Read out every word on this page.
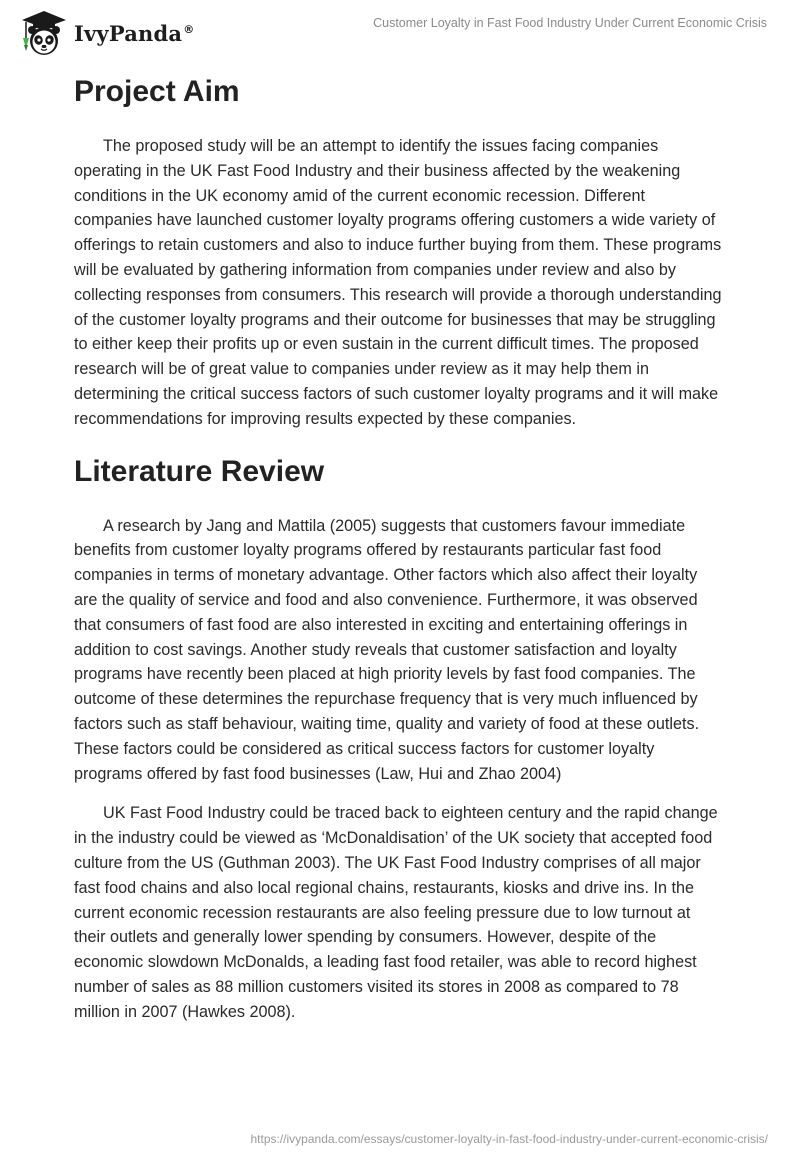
IvyPanda®	Customer Loyalty in Fast Food Industry Under Current Economic Crisis
Project Aim

The proposed study will be an attempt to identify the issues facing companies operating in the UK Fast Food Industry and their business affected by the weakening conditions in the UK economy amid of the current economic recession. Different companies have launched customer loyalty programs offering customers a wide variety of offerings to retain customers and also to induce further buying from them. These programs will be evaluated by gathering information from companies under review and also by collecting responses from consumers. This research will provide a thorough understanding of the customer loyalty programs and their outcome for businesses that may be struggling to either keep their profits up or even sustain in the current difficult times. The proposed research will be of great value to companies under review as it may help them in determining the critical success factors of such customer loyalty programs and it will make recommendations for improving results expected by these companies.

Literature Review

A research by Jang and Mattila (2005) suggests that customers favour immediate benefits from customer loyalty programs offered by restaurants particular fast food companies in terms of monetary advantage. Other factors which also affect their loyalty are the quality of service and food and also convenience. Furthermore, it was observed that consumers of fast food are also interested in exciting and entertaining offerings in addition to cost savings. Another study reveals that customer satisfaction and loyalty programs have recently been placed at high priority levels by fast food companies. The outcome of these determines the repurchase frequency that is very much influenced by factors such as staff behaviour, waiting time, quality and variety of food at these outlets. These factors could be considered as critical success factors for customer loyalty programs offered by fast food businesses (Law, Hui and Zhao 2004)

UK Fast Food Industry could be traced back to eighteen century and the rapid change in the industry could be viewed as ‘McDonaldisation’ of the UK society that accepted food culture from the US (Guthman 2003). The UK Fast Food Industry comprises of all major fast food chains and also local regional chains, restaurants, kiosks and drive ins. In the current economic recession restaurants are also feeling pressure due to low turnout at their outlets and generally lower spending by consumers. However, despite of the economic slowdown McDonalds, a leading fast food retailer, was able to record highest number of sales as 88 million customers visited its stores in 2008 as compared to 78 million in 2007 (Hawkes 2008).

https://ivypanda.com/essays/customer-loyalty-in-fast-food-industry-under-current-economic-crisis/
